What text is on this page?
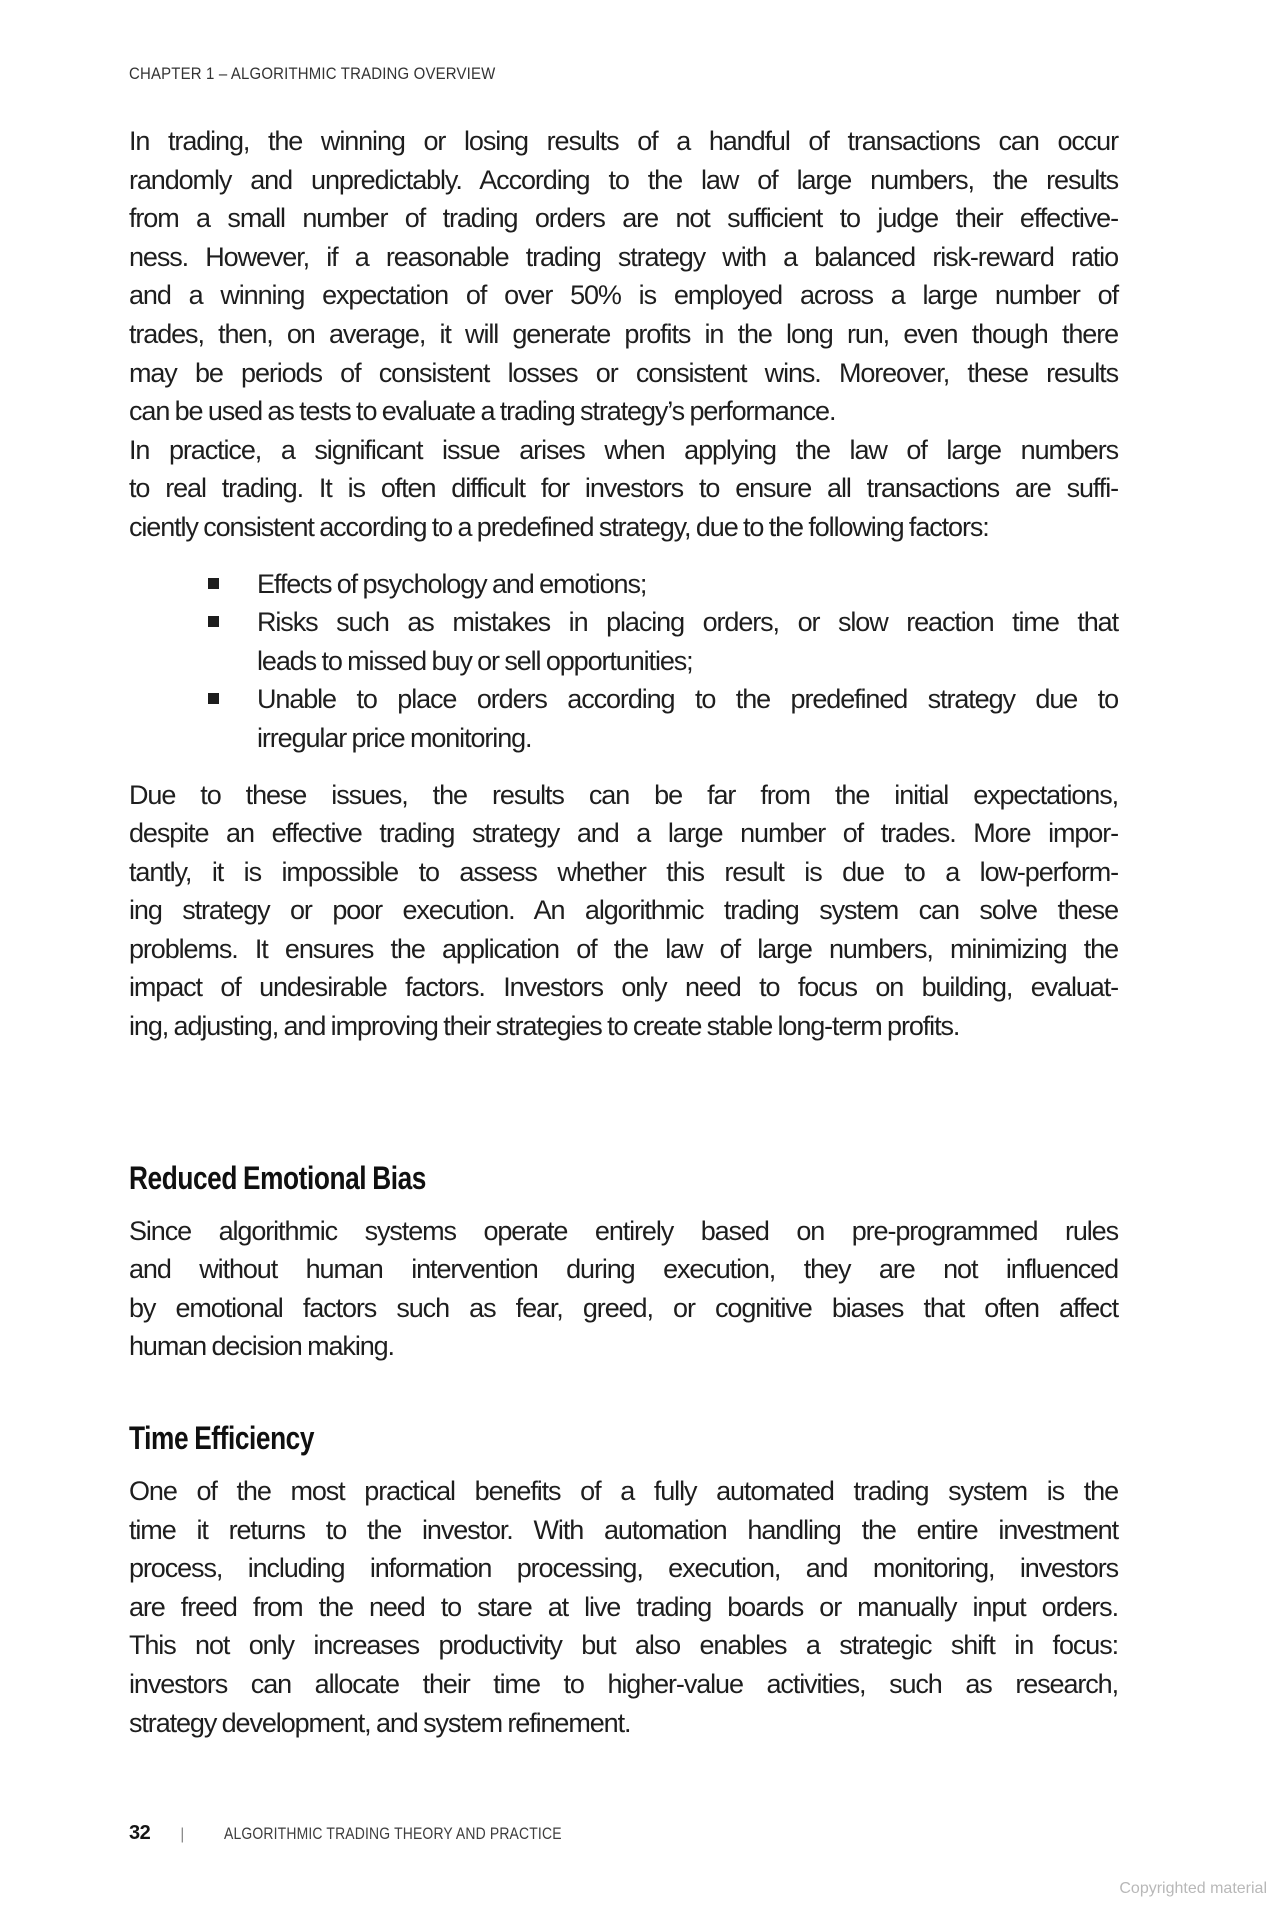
CHAPTER 1 – ALGORITHMIC TRADING OVERVIEW
In trading, the winning or losing results of a handful of transactions can occur
randomly and unpredictably. According to the law of large numbers, the results
from a small number of trading orders are not sufficient to judge their effective-
ness. However, if a reasonable trading strategy with a balanced risk-reward ratio
and a winning expectation of over 50% is employed across a large number of
trades, then, on average, it will generate profits in the long run, even though there
may be periods of consistent losses or consistent wins. Moreover, these results
can be used as tests to evaluate a trading strategy’s performance.
In practice, a significant issue arises when applying the law of large numbers
to real trading. It is often difficult for investors to ensure all transactions are suffi-
ciently consistent according to a predefined strategy, due to the following factors:
Effects of psychology and emotions;
Risks such as mistakes in placing orders, or slow reaction time that
leads to missed buy or sell opportunities;
Unable to place orders according to the predefined strategy due to
irregular price monitoring.
Due to these issues, the results can be far from the initial expectations,
despite an effective trading strategy and a large number of trades. More impor-
tantly, it is impossible to assess whether this result is due to a low-perform-
ing strategy or poor execution. An algorithmic trading system can solve these
problems. It ensures the application of the law of large numbers, minimizing the
impact of undesirable factors. Investors only need to focus on building, evaluat-
ing, adjusting, and improving their strategies to create stable long-term profits.
Reduced Emotional Bias
Since algorithmic systems operate entirely based on pre-programmed rules
and without human intervention during execution, they are not influenced
by emotional factors such as fear, greed, or cognitive biases that often affect
human decision making.
Time Efficiency
One of the most practical benefits of a fully automated trading system is the
time it returns to the investor. With automation handling the entire investment
process, including information processing, execution, and monitoring, investors
are freed from the need to stare at live trading boards or manually input orders.
This not only increases productivity but also enables a strategic shift in focus:
investors can allocate their time to higher-value activities, such as research,
strategy development, and system refinement.
32 | ALGORITHMIC TRADING THEORY AND PRACTICE
Copyrighted material
